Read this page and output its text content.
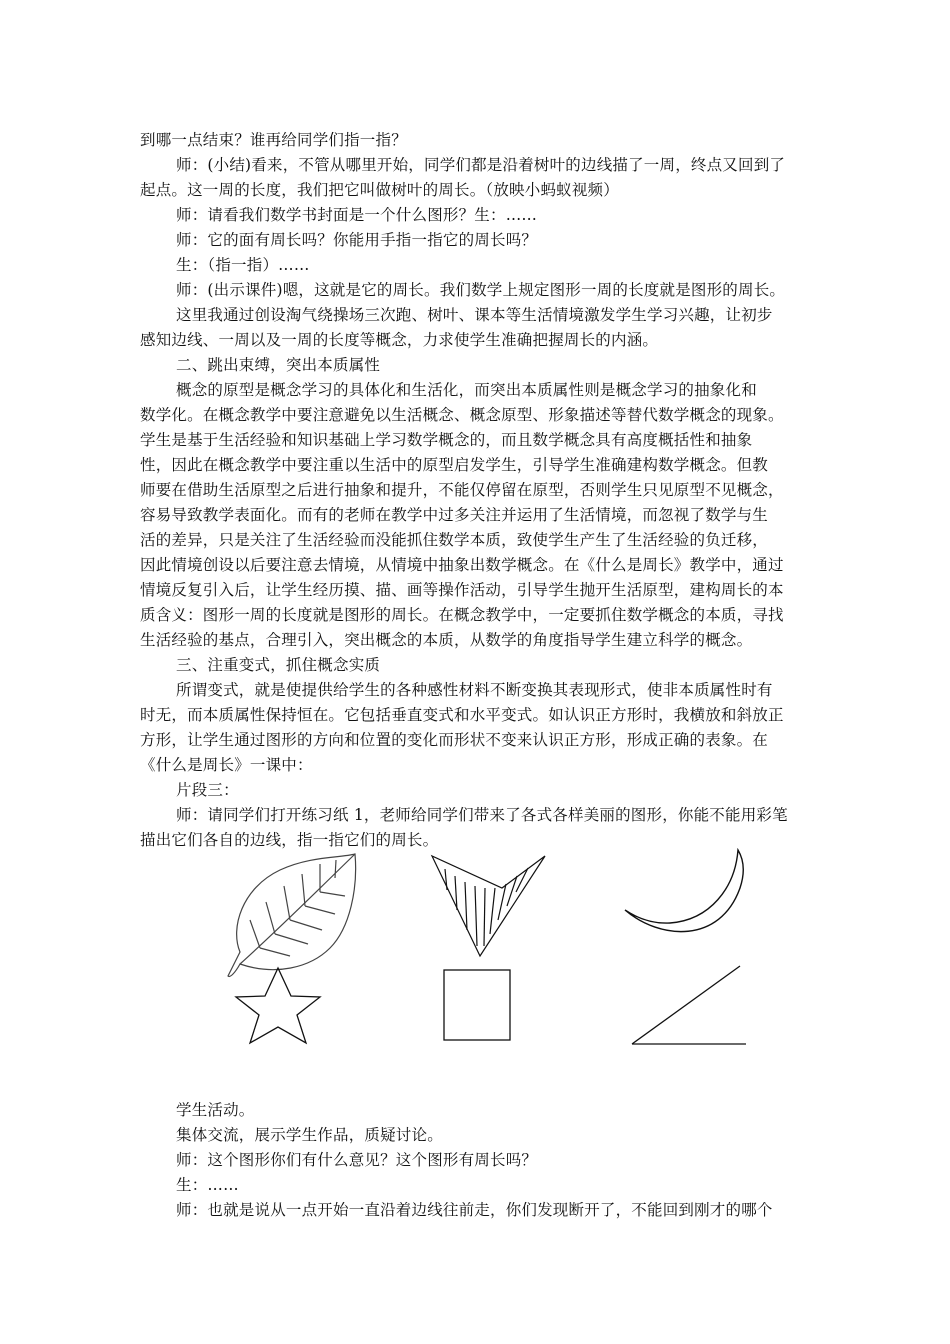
到哪一点结束？谁再给同学们指一指？
师：(小结)看来，不管从哪里开始，同学们都是沿着树叶的边线描了一周，终点又回到了
起点。这一周的长度，我们把它叫做树叶的周长。（放映小蚂蚁视频）
师：请看我们数学书封面是一个什么图形？生：……
师：它的面有周长吗？你能用手指一指它的周长吗？
生：（指一指）……
师：(出示课件)嗯，这就是它的周长。我们数学上规定图形一周的长度就是图形的周长。
这里我通过创设淘气绕操场三次跑、树叶、课本等生活情境激发学生学习兴趣，让初步
感知边线、一周以及一周的长度等概念，力求使学生准确把握周长的内涵。
二、跳出束缚，突出本质属性
概念的原型是概念学习的具体化和生活化，而突出本质属性则是概念学习的抽象化和
数学化。在概念教学中要注意避免以生活概念、概念原型、形象描述等替代数学概念的现象。
学生是基于生活经验和知识基础上学习数学概念的，而且数学概念具有高度概括性和抽象
性，因此在概念教学中要注重以生活中的原型启发学生，引导学生准确建构数学概念。但教
师要在借助生活原型之后进行抽象和提升，不能仅停留在原型，否则学生只见原型不见概念，
容易导致教学表面化。而有的老师在教学中过多关注并运用了生活情境，而忽视了数学与生
活的差异，只是关注了生活经验而没能抓住数学本质，致使学生产生了生活经验的负迁移，
因此情境创设以后要注意去情境，从情境中抽象出数学概念。在《什么是周长》教学中，通过
情境反复引入后，让学生经历摸、描、画等操作活动，引导学生抛开生活原型，建构周长的本
质含义：图形一周的长度就是图形的周长。在概念教学中，一定要抓住数学概念的本质，寻找
生活经验的基点，合理引入，突出概念的本质，从数学的角度指导学生建立科学的概念。
三、注重变式，抓住概念实质
所谓变式，就是使提供给学生的各种感性材料不断变换其表现形式，使非本质属性时有
时无，而本质属性保持恒在。它包括垂直变式和水平变式。如认识正方形时，我横放和斜放正
方形，让学生通过图形的方向和位置的变化而形状不变来认识正方形，形成正确的表象。在
《什么是周长》一课中：
片段三：
师：请同学们打开练习纸 1，老师给同学们带来了各式各样美丽的图形，你能不能用彩笔
描出它们各自的边线，指一指它们的周长。
学生活动。
集体交流，展示学生作品，质疑讨论。
师：这个图形你们有什么意见？这个图形有周长吗？
生：……
师：也就是说从一点开始一直沿着边线往前走，你们发现断开了，不能回到刚才的哪个
